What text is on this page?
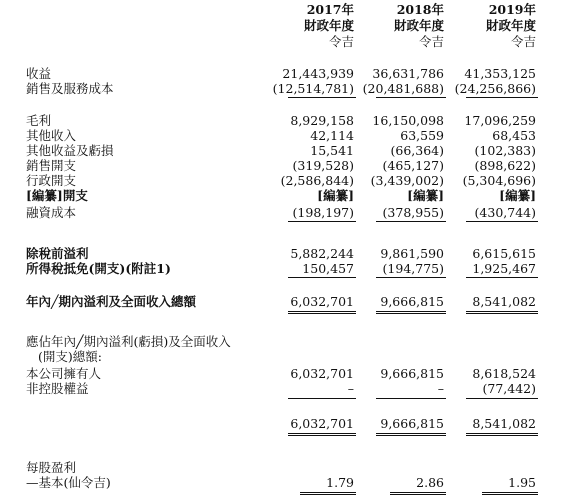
2017年
財政年度
令吉
2018年
財政年度
令吉
2019年
財政年度
令吉
收益	21,443,939	36,631,786	41,353,125
銷售及服務成本	(12,514,781) (20,481,688) (24,256,866)
毛利	8,929,158	16,150,098	17,096,259
其他收入	42,114	63,559	68,453
其他收益及虧損	15,541	(66,364)	(102,383)
銷售開支	(319,528)	(465,127)	(898,622)
行政開支	(2,586,844)	(3,439,002)	(5,304,696)
[編纂]開支	[編纂]	[編纂]	[編纂]
融資成本	(198,197)	(378,955)	(430,744)
除稅前溢利	5,882,244	9,861,590	6,615,615
所得稅抵免(開支)(附註1)	150,457	(194,775)	1,925,467
年內╱期內溢利及全面收入總額	6,032,701	9,666,815	8,541,082
應佔年內╱期內溢利(虧損)及全面收入
(開支)總額:
本公司擁有人	6,032,701	9,666,815	8,618,524
非控股權益	–	–	(77,442)
6,032,701	9,666,815	8,541,082
每股盈利
—基本(仙令吉)	1.79	2.86	1.95
